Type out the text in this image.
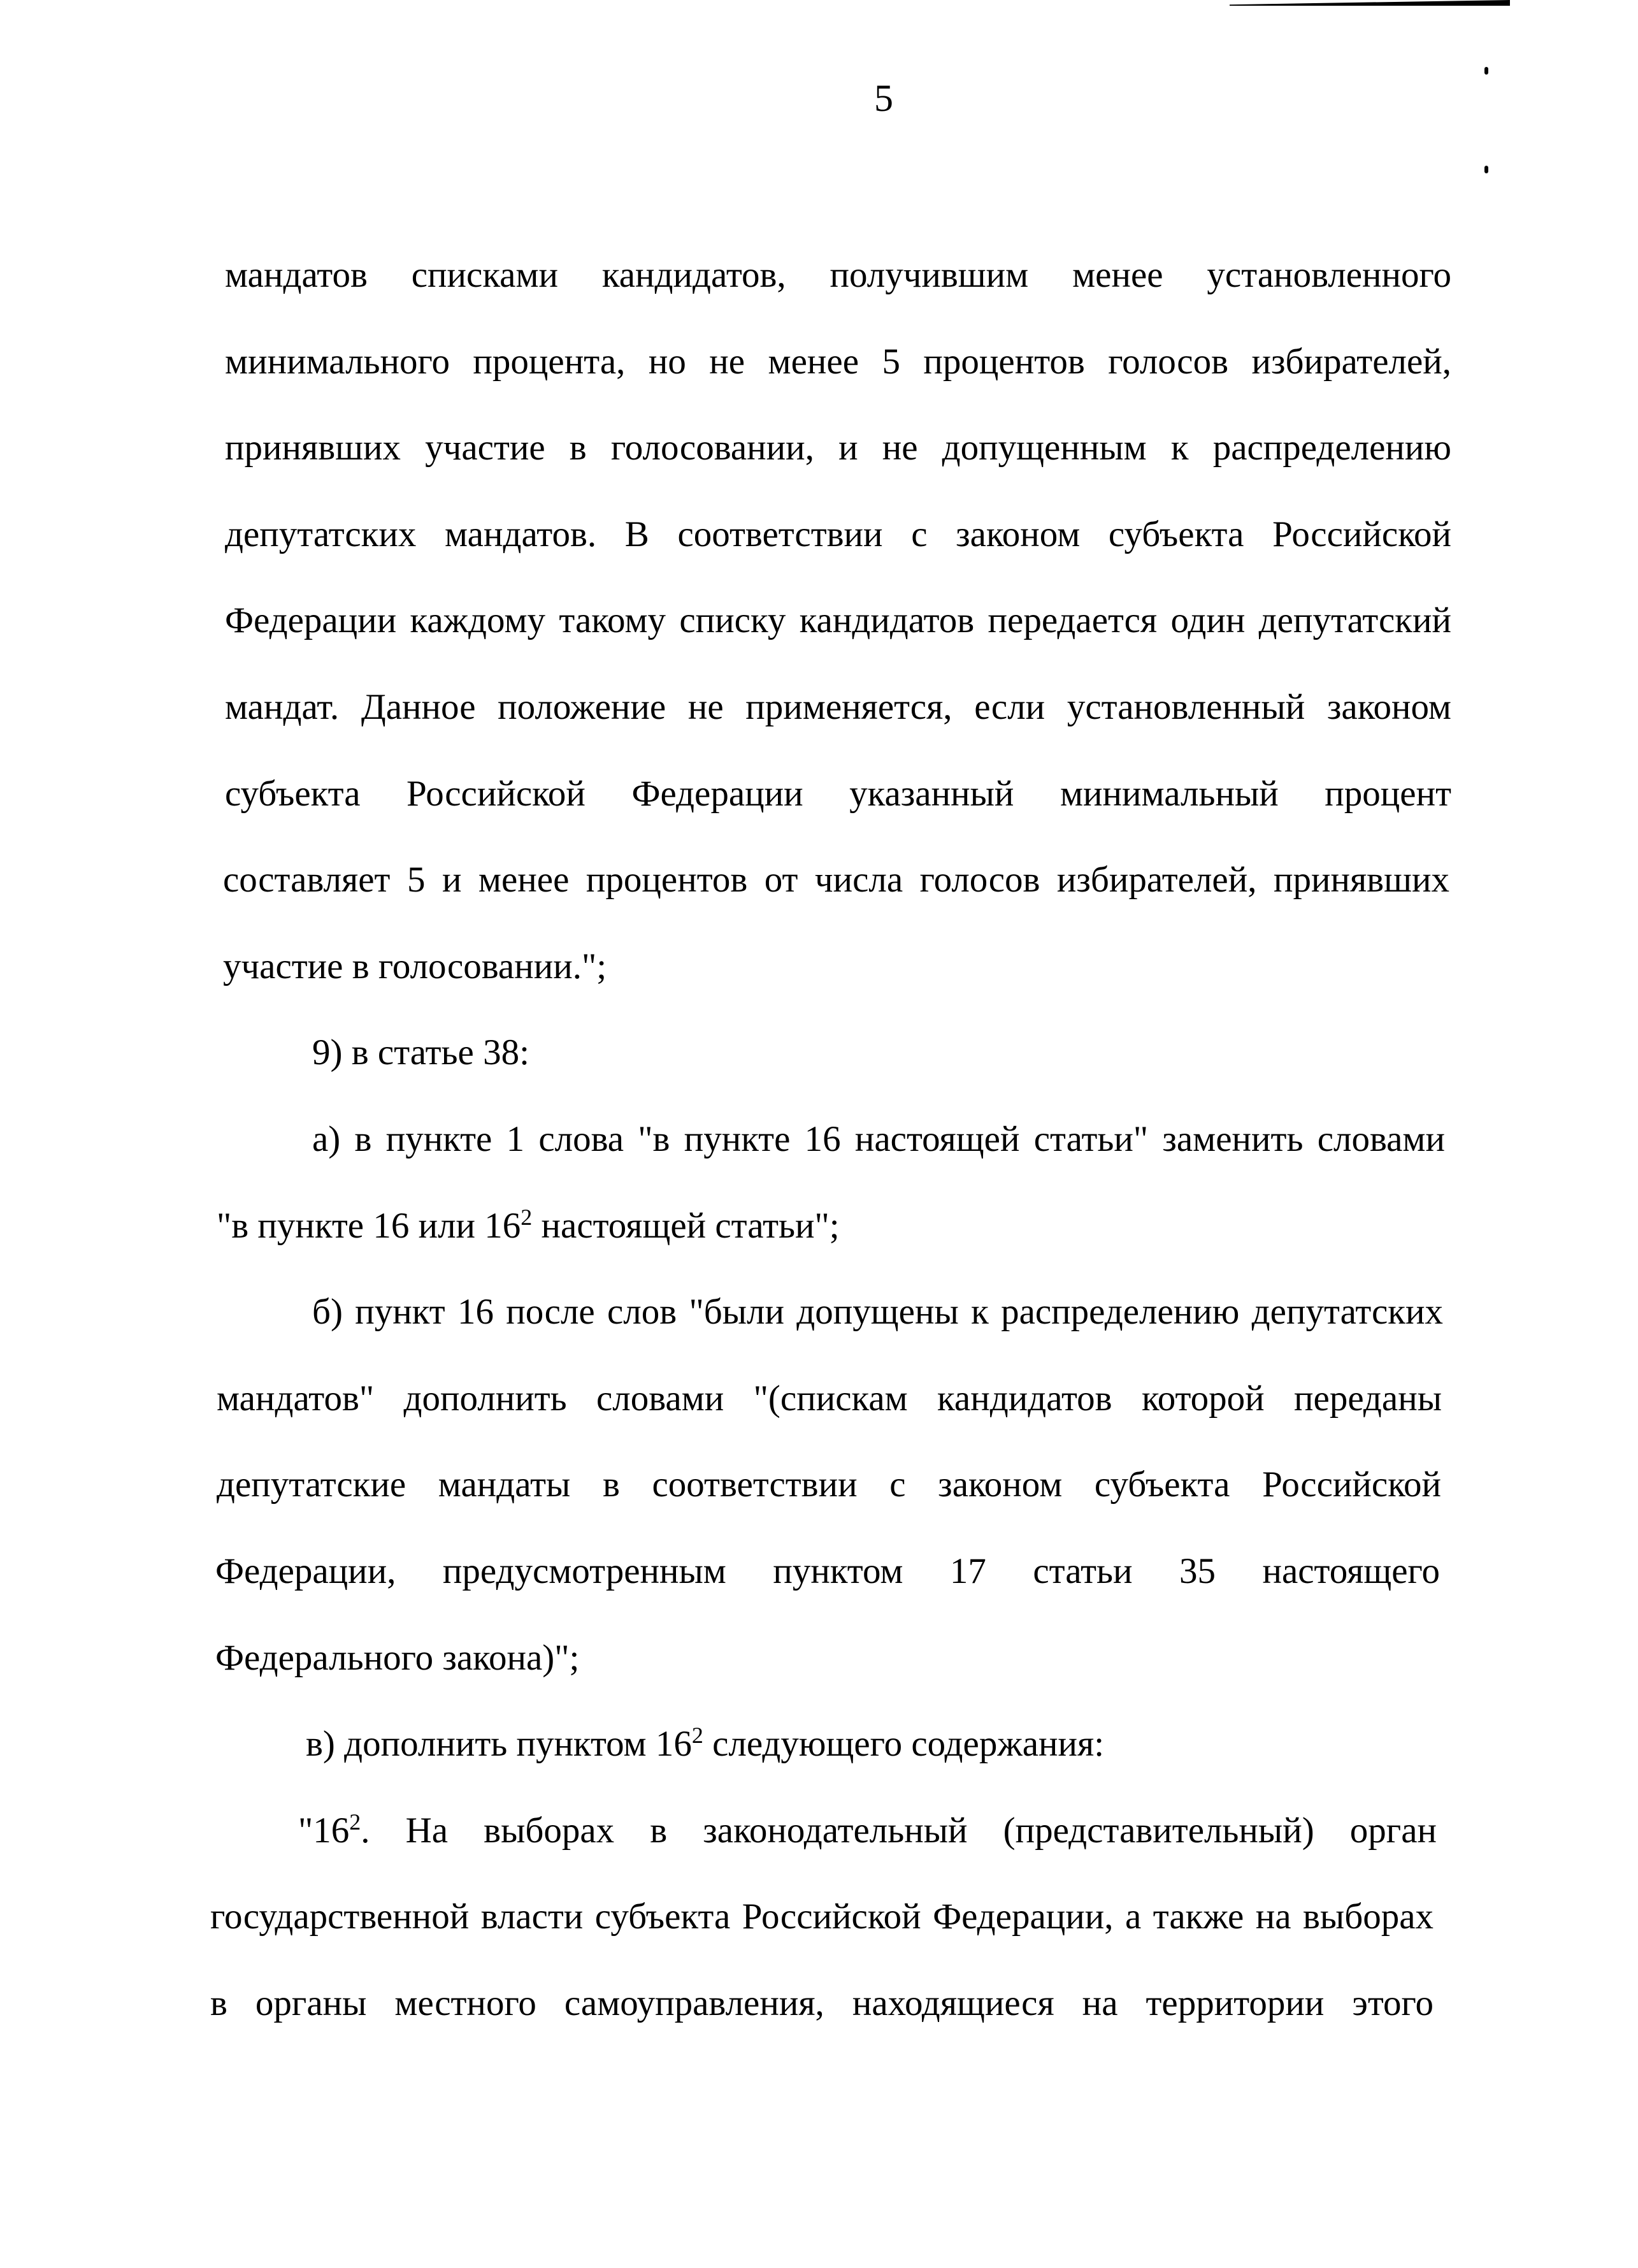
5
мандатов списками кандидатов, получившим менее установленного
минимального процента, но не менее 5 процентов голосов избирателей,
принявших участие в голосовании, и не допущенным к распределению
депутатских мандатов. В соответствии с законом субъекта Российской
Федерации каждому такому списку кандидатов передается один депутатский
мандат. Данное положение не применяется, если установленный законом
субъекта Российской Федерации указанный минимальный процент
составляет 5 и менее процентов от числа голосов избирателей, принявших
участие в голосовании.";
9) в статье 38:
а) в пункте 1 слова "в пункте 16 настоящей статьи" заменить словами
"в пункте 16 или $16^2$ настоящей статьи";
б) пункт 16 после слов "были допущены к распределению депутатских
мандатов" дополнить словами "(спискам кандидатов которой переданы
депутатские мандаты в соответствии с законом субъекта Российской
Федерации, предусмотренным пунктом 17 статьи 35 настоящего
Федерального закона)";
в) дополнить пунктом $16^2$ следующего содержания:
"$16^2$. На выборах в законодательный (представительный) орган
государственной власти субъекта Российской Федерации, а также на выборах
в органы местного самоуправления, находящиеся на территории этого
